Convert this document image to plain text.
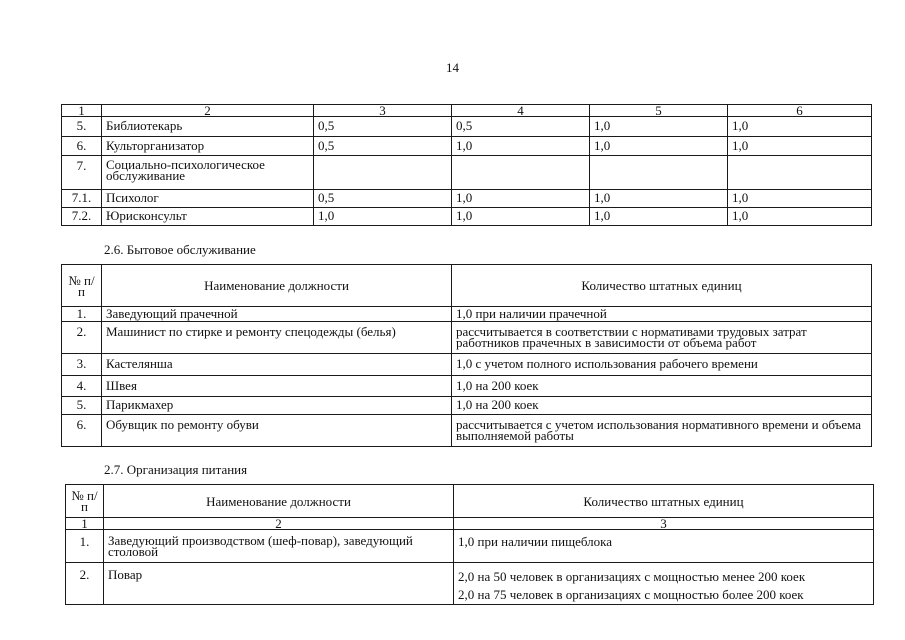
14
1	2	3	4	5	6
5.	Библиотекарь	0,5	0,5	1,0	1,0
6.	Культорганизатор	0,5	1,0	1,0	1,0
7.	Социально-психологическое обслуживание				
7.1.	Психолог	0,5	1,0	1,0	1,0
7.2.	Юрисконсульт	1,0	1,0	1,0	1,0
2.6. Бытовое обслуживание
№ п/п	Наименование должности	Количество штатных единиц
1.	Заведующий прачечной	1,0 при наличии прачечной
2.	Машинист по стирке и ремонту спецодежды (белья)	рассчитывается в соответствии с нормативами трудовых затрат работников прачечных в зависимости от объема работ
3.	Кастелянша	1,0 с учетом полного использования рабочего времени
4.	Швея	1,0 на 200 коек
5.	Парикмахер	1,0 на 200 коек
6.	Обувщик по ремонту обуви	рассчитывается с учетом использования нормативного времени и объема выполняемой работы
2.7. Организация питания
№ п/п	Наименование должности	Количество штатных единиц
1	2	3
1.	Заведующий производством (шеф-повар), заведующий столовой	1,0 при наличии пищеблока
2.	Повар	2,0 на 50 человек в организациях с мощностью менее 200 коек
2,0 на 75 человек в организациях с мощностью более 200 коек
